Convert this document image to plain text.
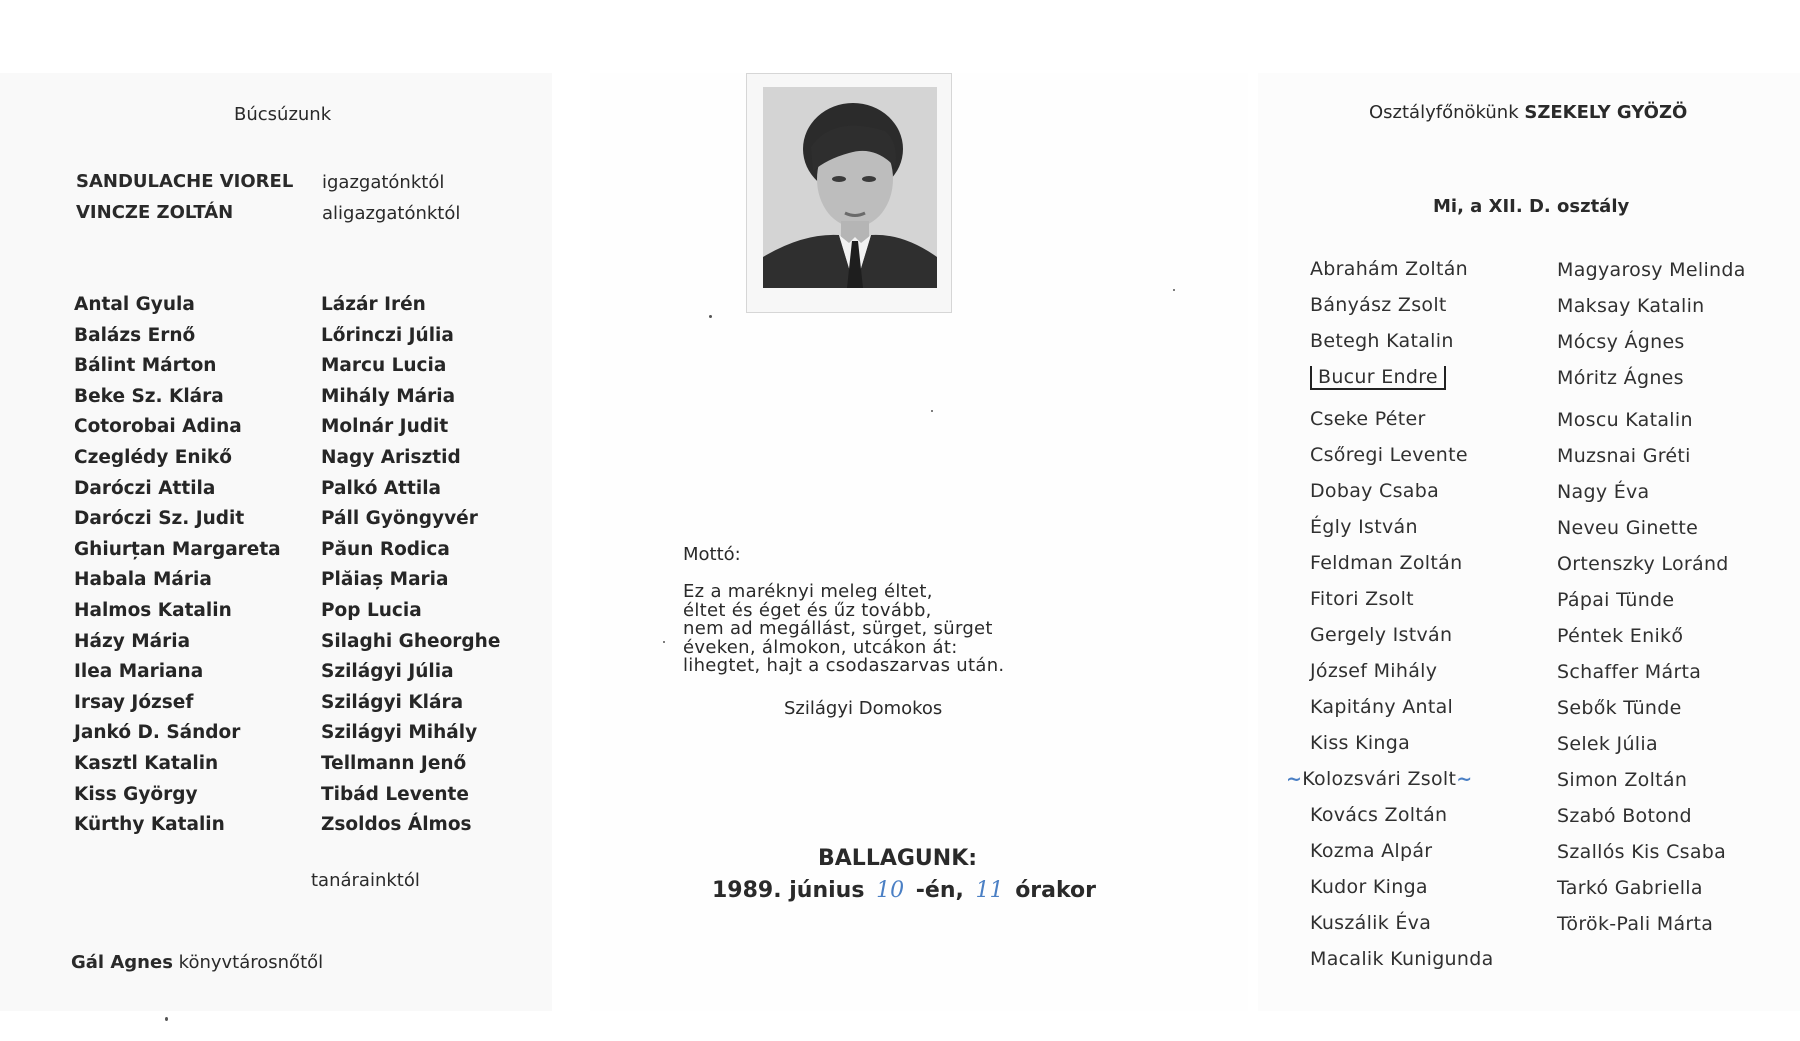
Búcsúzunk
SANDULACHE VIOREL igazgatónktól
VINCZE ZOLTÁN	aligazgatónktól
Antal Gyula
Balázs Ernő
Bálint Márton
Beke Sz. Klára
Cotorobai Adina
Czeglédy Enikő
Daróczi Attila
Daróczi Sz. Judit
Ghiurțan Margareta
Habala Mária
Halmos Katalin
Házy Mária
Ilea Mariana
Irsay József
Jankó D. Sándor
Kasztl Katalin
Kiss György
Kürthy Katalin
Lázár Irén
Lőrinczi Júlia
Marcu Lucia
Mihály Mária
Molnár Judit
Nagy Arisztid
Palkó Attila
Páll Gyöngyvér
Păun Rodica
Plăiaș Maria
Pop Lucia
Silaghi Gheorghe
Szilágyi Júlia
Szilágyi Klára
Szilágyi Mihály
Tellmann Jenő
Tibád Levente
Zsoldos Álmos
tanárainktól
Gál Agnes könyvtárosnőtől
Mottó:
Ez a maréknyi meleg éltet,
éltet és éget és űz tovább,
nem ad megállást, sürget, sürget
éveken, álmokon, utcákon át:
lihegtet, hajt a csodaszarvas után.
Szilágyi Domokos
BALLAGUNK:
1989. június 10 -én, 11 órakor
Osztályfőnökünk SZEKELY GYÖZÖ
Mi, a XII. D. osztály
Abrahám Zoltán
Bányász Zsolt
Betegh Katalin
Bucur Endre
Cseke Péter
Csőregi Levente
Dobay Csaba
Égly István
Feldman Zoltán
Fitori Zsolt
Gergely István
József Mihály
Kapitány Antal
Kiss Kinga
~Kolozsvári Zsolt~
Kovács Zoltán
Kozma Alpár
Kudor Kinga
Kuszálik Éva
Macalik Kunigunda
Magyarosy Melinda
Maksay Katalin
Mócsy Ágnes
Móritz Ágnes
Moscu Katalin
Muzsnai Gréti
Nagy Éva
Neveu Ginette
Ortenszky Loránd
Pápai Tünde
Péntek Enikő
Schaffer Márta
Sebők Tünde
Selek Júlia
Simon Zoltán
Szabó Botond
Szallós Kis Csaba
Tarkó Gabriella
Török-Pali Márta
